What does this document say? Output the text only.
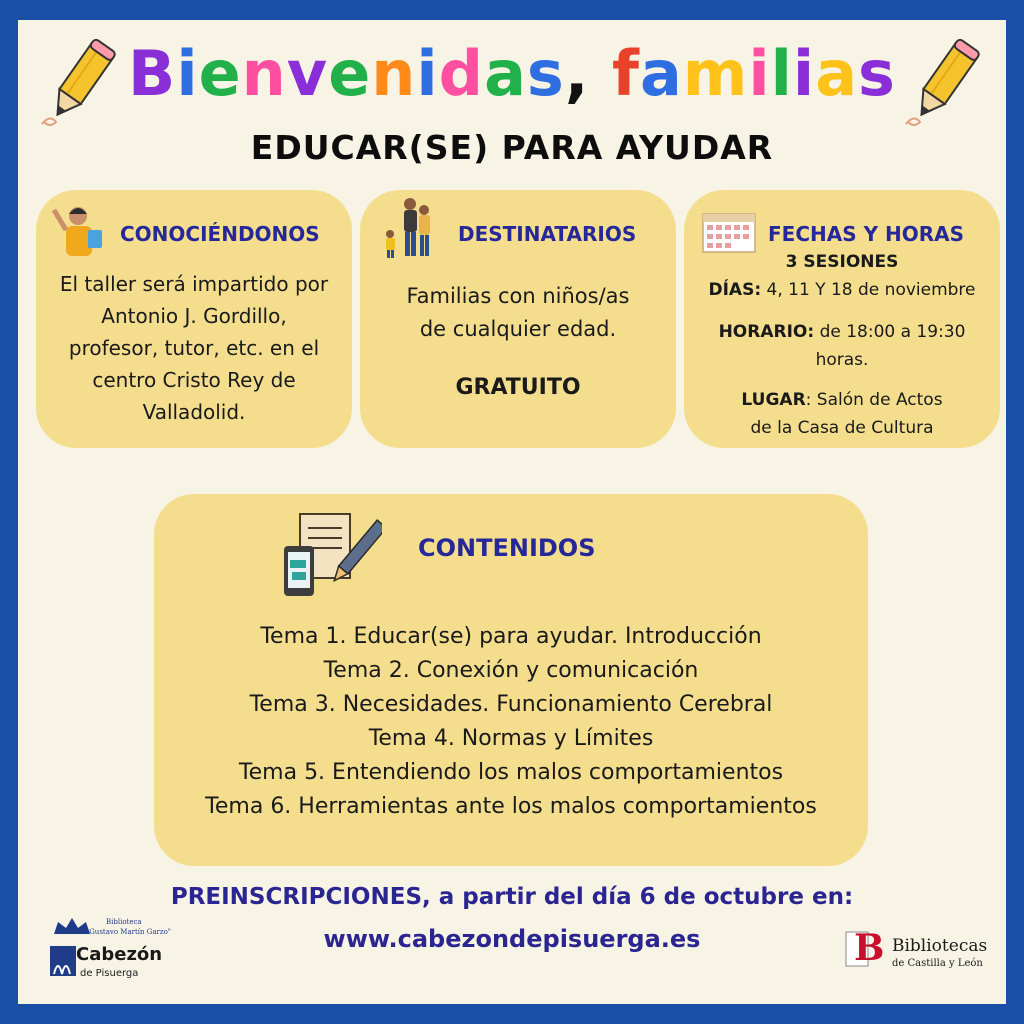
Bienvenidas, familias
EDUCAR(SE) PARA AYUDAR
CONOCIÉNDONOS
El taller será impartido por
Antonio J. Gordillo,
profesor, tutor, etc. en el
centro Cristo Rey de
Valladolid.
DESTINATARIOS
Familias con niños/as
de cualquier edad.
GRATUITO
FECHAS Y HORAS
3 SESIONES
DÍAS: 4, 11 Y 18 de noviembre
HORARIO: de 18:00 a 19:30
horas.
LUGAR: Salón de Actos
de la Casa de Cultura
CONTENIDOS

Tema 1. Educar(se) para ayudar. Introducción

Tema 2. Conexión y comunicación

Tema 3. Necesidades. Funcionamiento Cerebral

Tema 4. Normas y Límites

Tema 5. Entendiendo los malos comportamientos

Tema 6. Herramientas ante los malos comportamientos

PREINSCRIPCIONES, a partir del día 6 de octubre en:
www.cabezondepisuerga.es
Biblioteca
"Gustavo Martín Garzo"
Cabezón
de Pisuerga
B Bibliotecas
de Castilla y León
